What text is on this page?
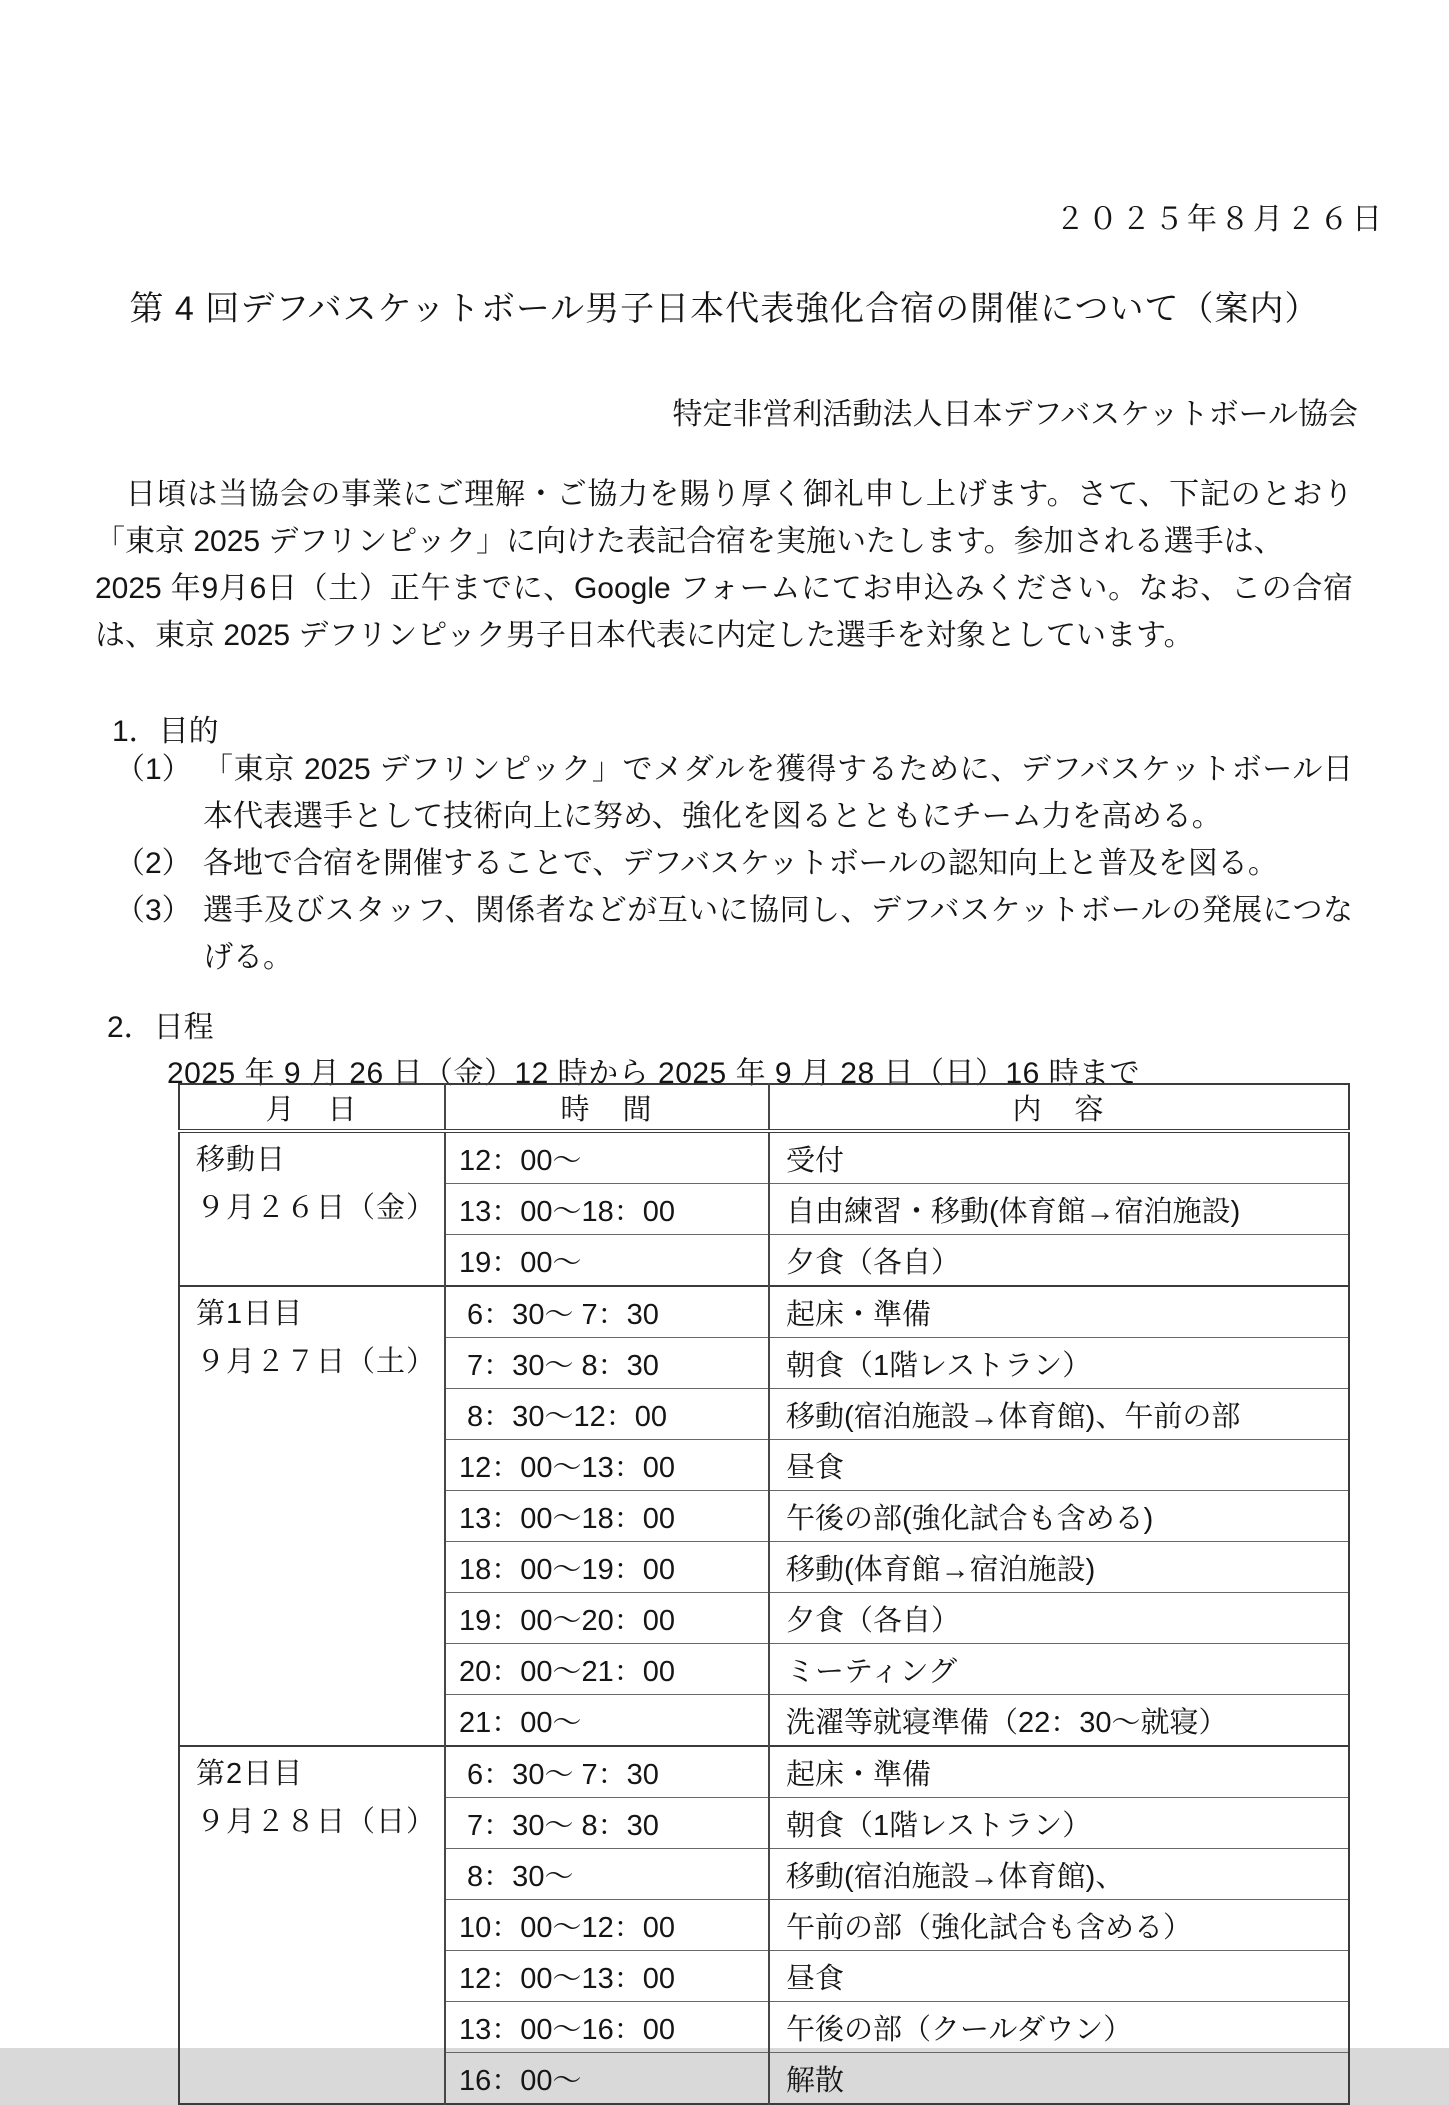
２０２５年８月２６日
第 4 回デフバスケットボール男子日本代表強化合宿の開催について（案内）
特定非営利活動法人日本デフバスケットボール協会
　日頃は当協会の事業にご理解・ご協力を賜り厚く御礼申し上げます。さて、下記のとおり
「東京 2025 デフリンピック」に向けた表記合宿を実施いたします。参加される選手は、
2025 年9月6日（土）正午までに、Google フォームにてお申込みください。なお、この合宿
は、東京 2025 デフリンピック男子日本代表に内定した選手を対象としています。
1．目的
（1） 「東京 2025 デフリンピック」でメダルを獲得するために、デフバスケットボール日
本代表選手として技術向上に努め、強化を図るとともにチーム力を高める。
（2） 各地で合宿を開催することで、デフバスケットボールの認知向上と普及を図る。
（3） 選手及びスタッフ、関係者などが互いに協同し、デフバスケットボールの発展につな
げる。
2．日程
2025 年 9 月 26 日（金）12 時から 2025 年 9 月 28 日（日）16 時まで
月　日	時　間	内　容

移動日
９月２６日（金）	12：00～	受付
	13：00～18：00	自由練習・移動(体育館→宿泊施設)
	19：00～	夕食（各自）

第1日目
９月２７日（土）	6：30～ 7：30	起床・準備
	7：30～ 8：30	朝食（1階レストラン）
	8：30～12：00	移動(宿泊施設→体育館)、午前の部
	12：00～13：00	昼食
	13：00～18：00	午後の部(強化試合も含める)
	18：00～19：00	移動(体育館→宿泊施設)
	19：00～20：00	夕食（各自）
	20：00～21：00	ミーティング
	21：00～	洗濯等就寝準備（22：30～就寝）

第2日目
９月２８日（日）	6：30～ 7：30	起床・準備
	7：30～ 8：30	朝食（1階レストラン）
	8：30～	移動(宿泊施設→体育館)、
	10：00～12：00	午前の部（強化試合も含める）
	12：00～13：00	昼食
	13：00～16：00	午後の部（クールダウン）
	16：00～	解散
